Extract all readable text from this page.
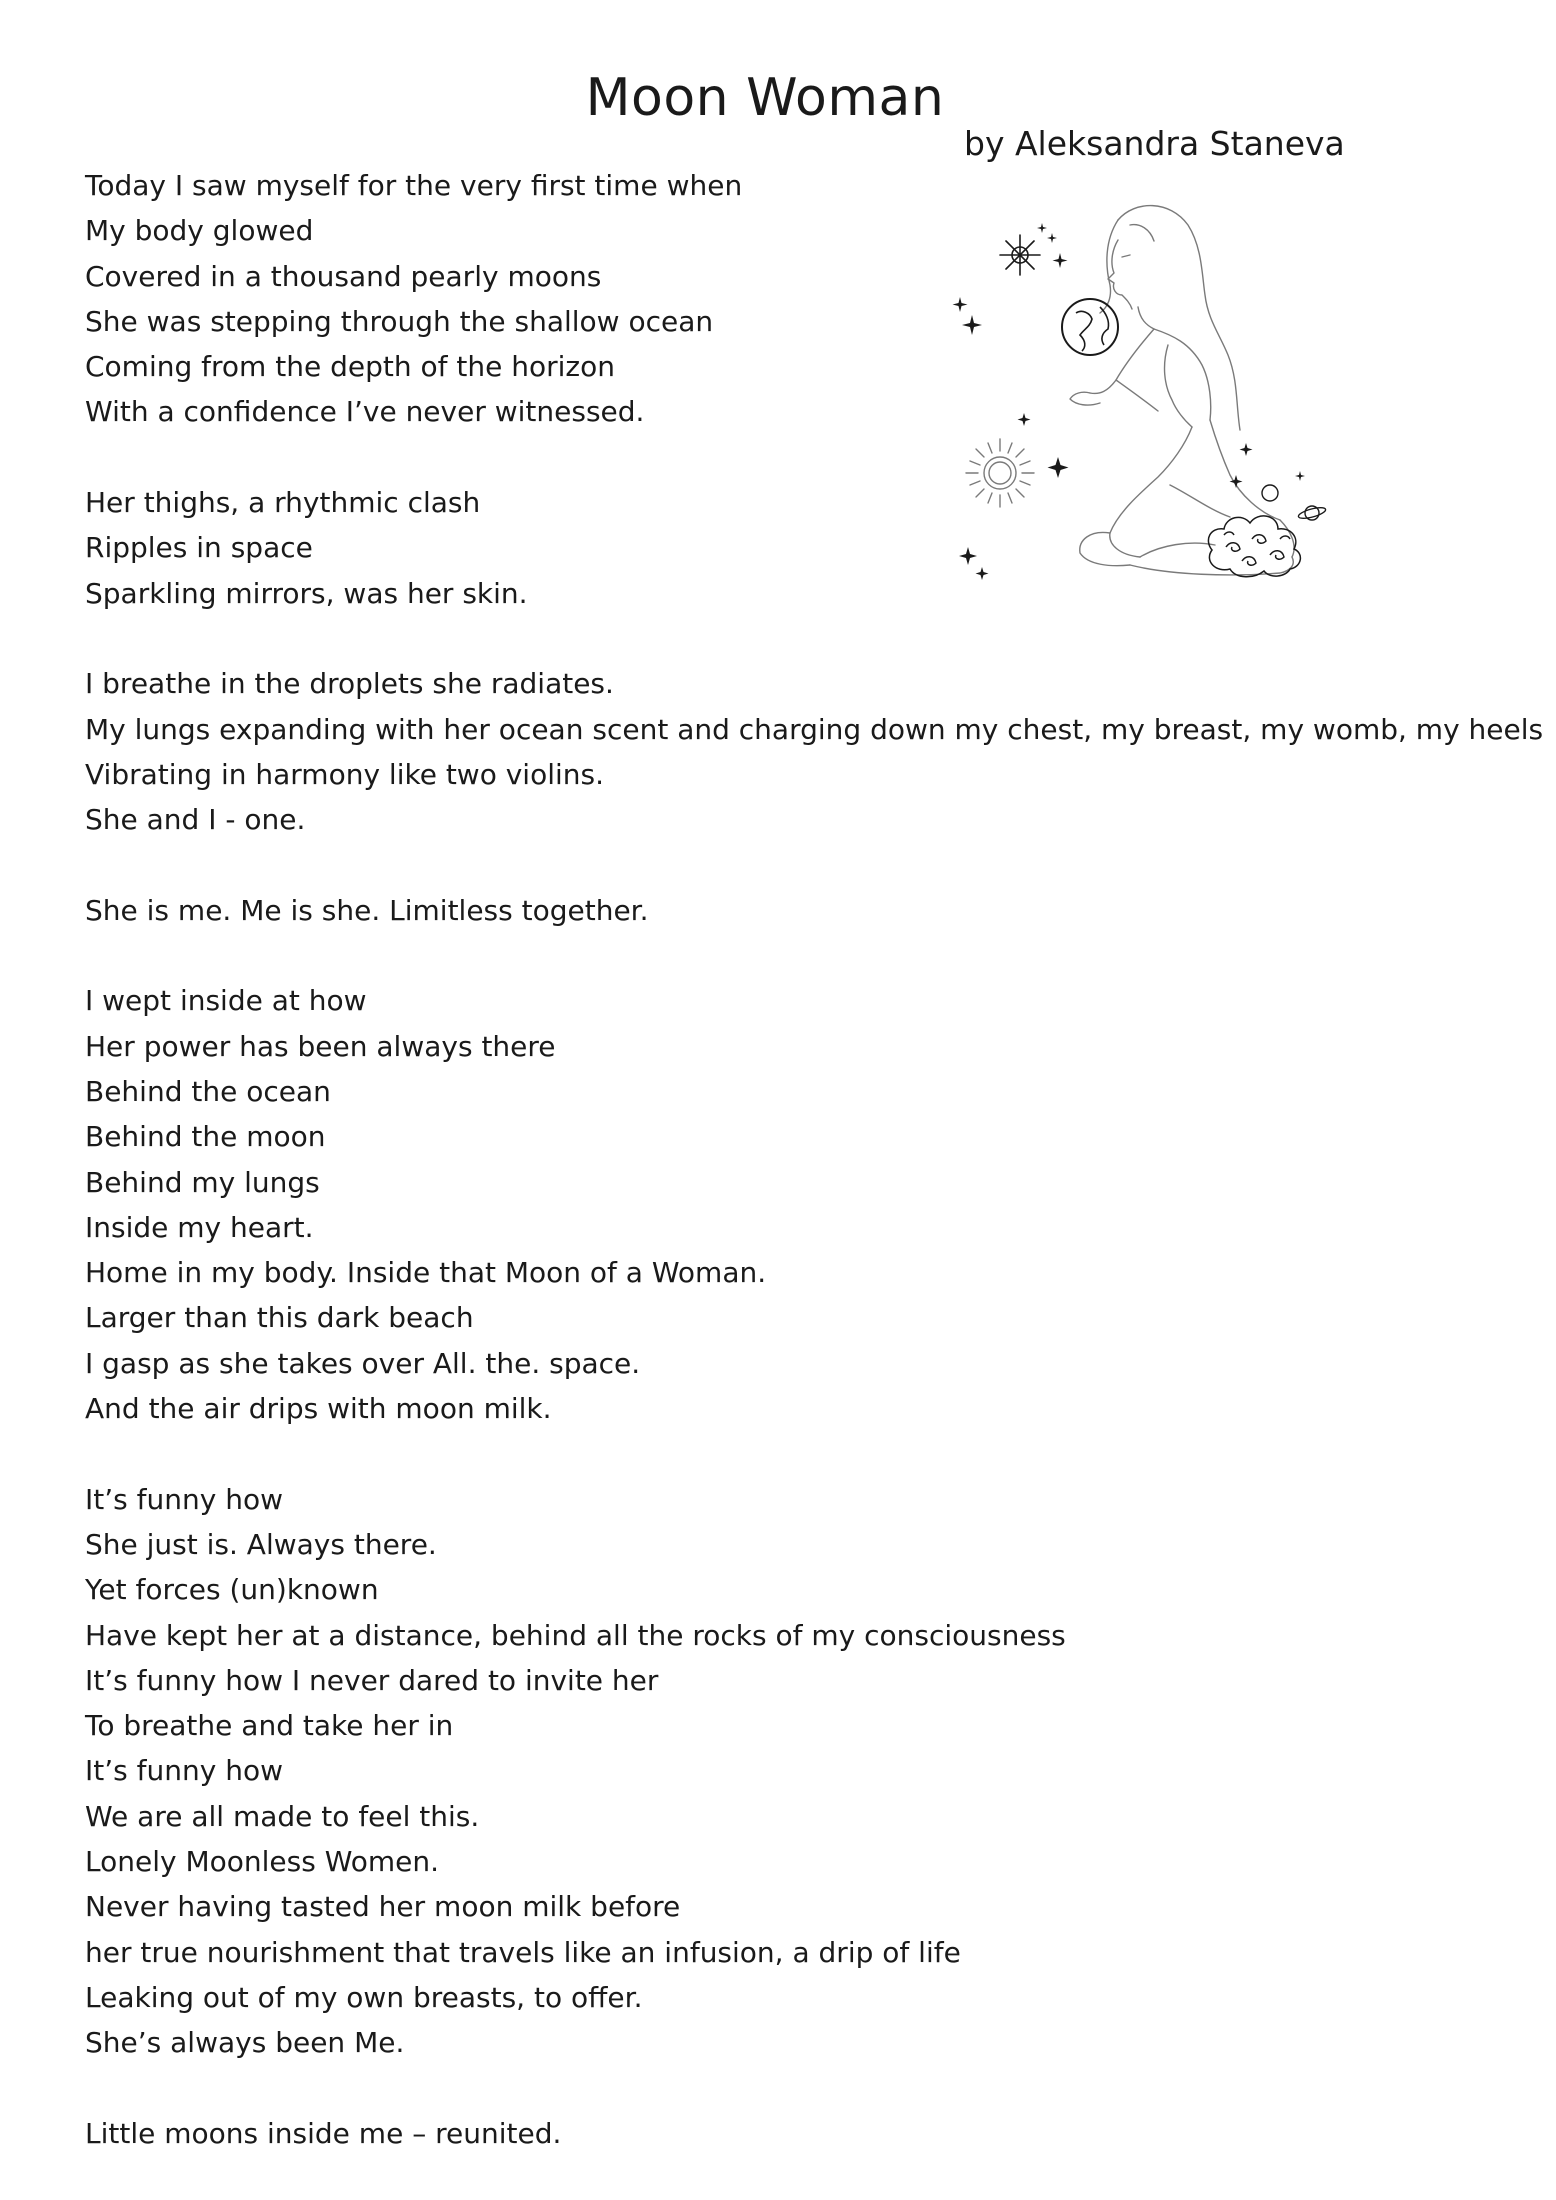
Moon Woman
by Aleksandra Staneva
Today I saw myself for the very first time when
My body glowed
Covered in a thousand pearly moons
She was stepping through the shallow ocean
Coming from the depth of the horizon
With a confidence I’ve never witnessed.
Her thighs, a rhythmic clash
Ripples in space
Sparkling mirrors, was her skin.
I breathe in the droplets she radiates.
My lungs expanding with her ocean scent and charging down my chest, my breast, my womb, my heels
Vibrating in harmony like two violins.
She and I - one.
She is me. Me is she. Limitless together.
I wept inside at how
Her power has been always there
Behind the ocean
Behind the moon
Behind my lungs
Inside my heart.
Home in my body. Inside that Moon of a Woman.
Larger than this dark beach
I gasp as she takes over All. the. space.
And the air drips with moon milk.
It’s funny how
She just is. Always there.
Yet forces (un)known
Have kept her at a distance, behind all the rocks of my consciousness
It’s funny how I never dared to invite her
To breathe and take her in
It’s funny how
We are all made to feel this.
Lonely Moonless Women.
Never having tasted her moon milk before
her true nourishment that travels like an infusion, a drip of life
Leaking out of my own breasts, to offer.
She’s always been Me.
Little moons inside me – reunited.
